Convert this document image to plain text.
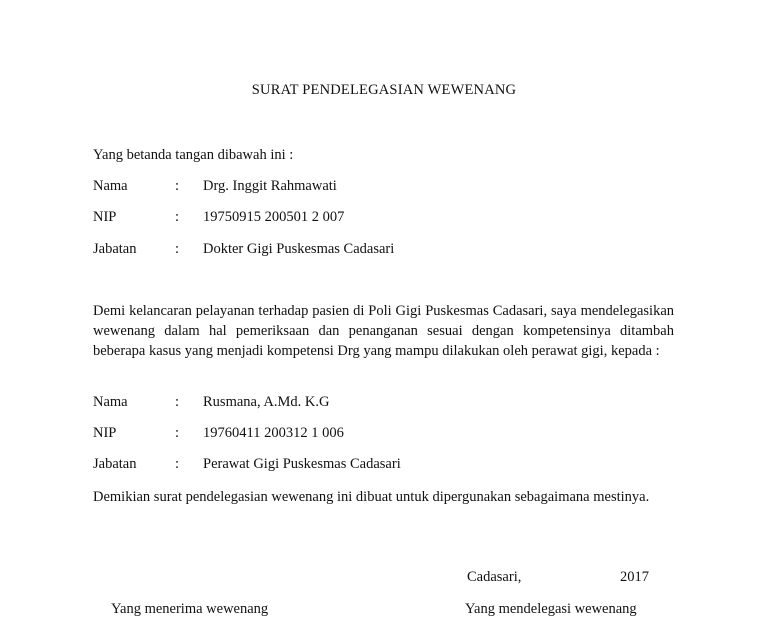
SURAT PENDELEGASIAN WEWENANG
Yang betanda tangan dibawah ini :
Nama	: Drg. Inggit Rahmawati
NIP	: 19750915 200501 2 007
Jabatan	: Dokter Gigi Puskesmas Cadasari
Demi kelancaran pelayanan terhadap pasien di Poli Gigi Puskesmas Cadasari, saya mendelegasikan wewenang dalam hal pemeriksaan dan penanganan sesuai dengan kompetensinya ditambah beberapa kasus yang menjadi kompetensi Drg yang mampu dilakukan oleh perawat gigi, kepada :
Nama	: Rusmana, A.Md. K.G
NIP	: 19760411 200312 1 006
Jabatan	: Perawat Gigi Puskesmas Cadasari
Demikian surat pendelegasian wewenang ini dibuat untuk dipergunakan sebagaimana mestinya.
Cadasari,	2017
Yang menerima wewenang	Yang mendelegasi wewenang
